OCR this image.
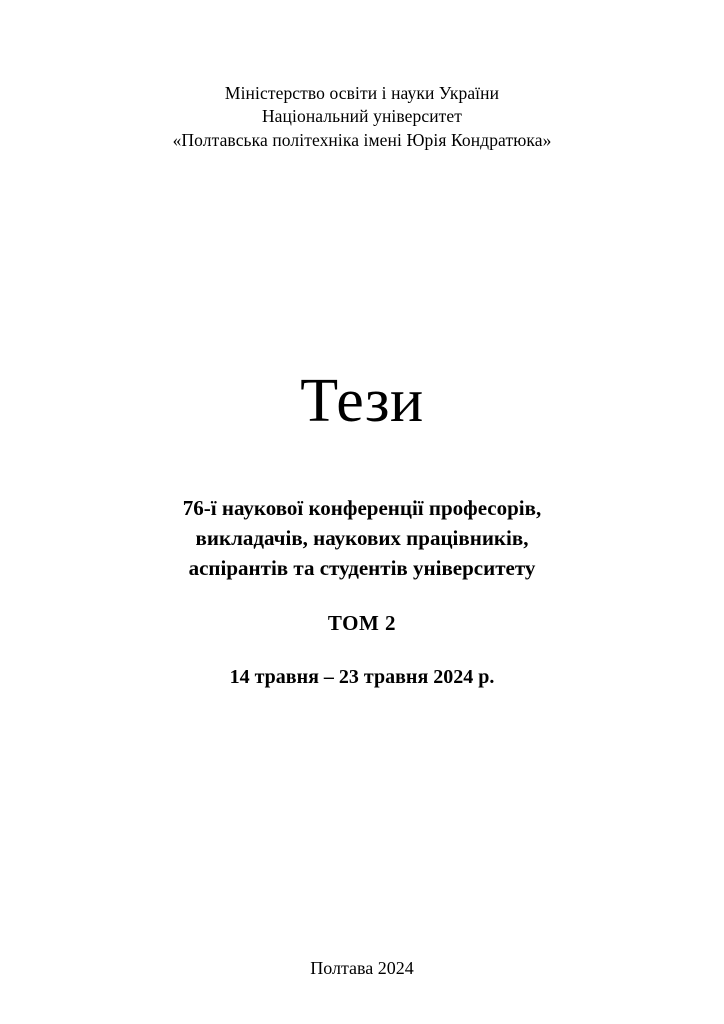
Міністерство освіти і науки України
Національний університет
«Полтавська політехніка імені Юрія Кондратюка»
Тези
76-ї наукової конференції професорів,
викладачів, наукових працівників,
аспірантів та студентів університету
ТОМ 2
14 травня – 23 травня 2024 р.
Полтава 2024
